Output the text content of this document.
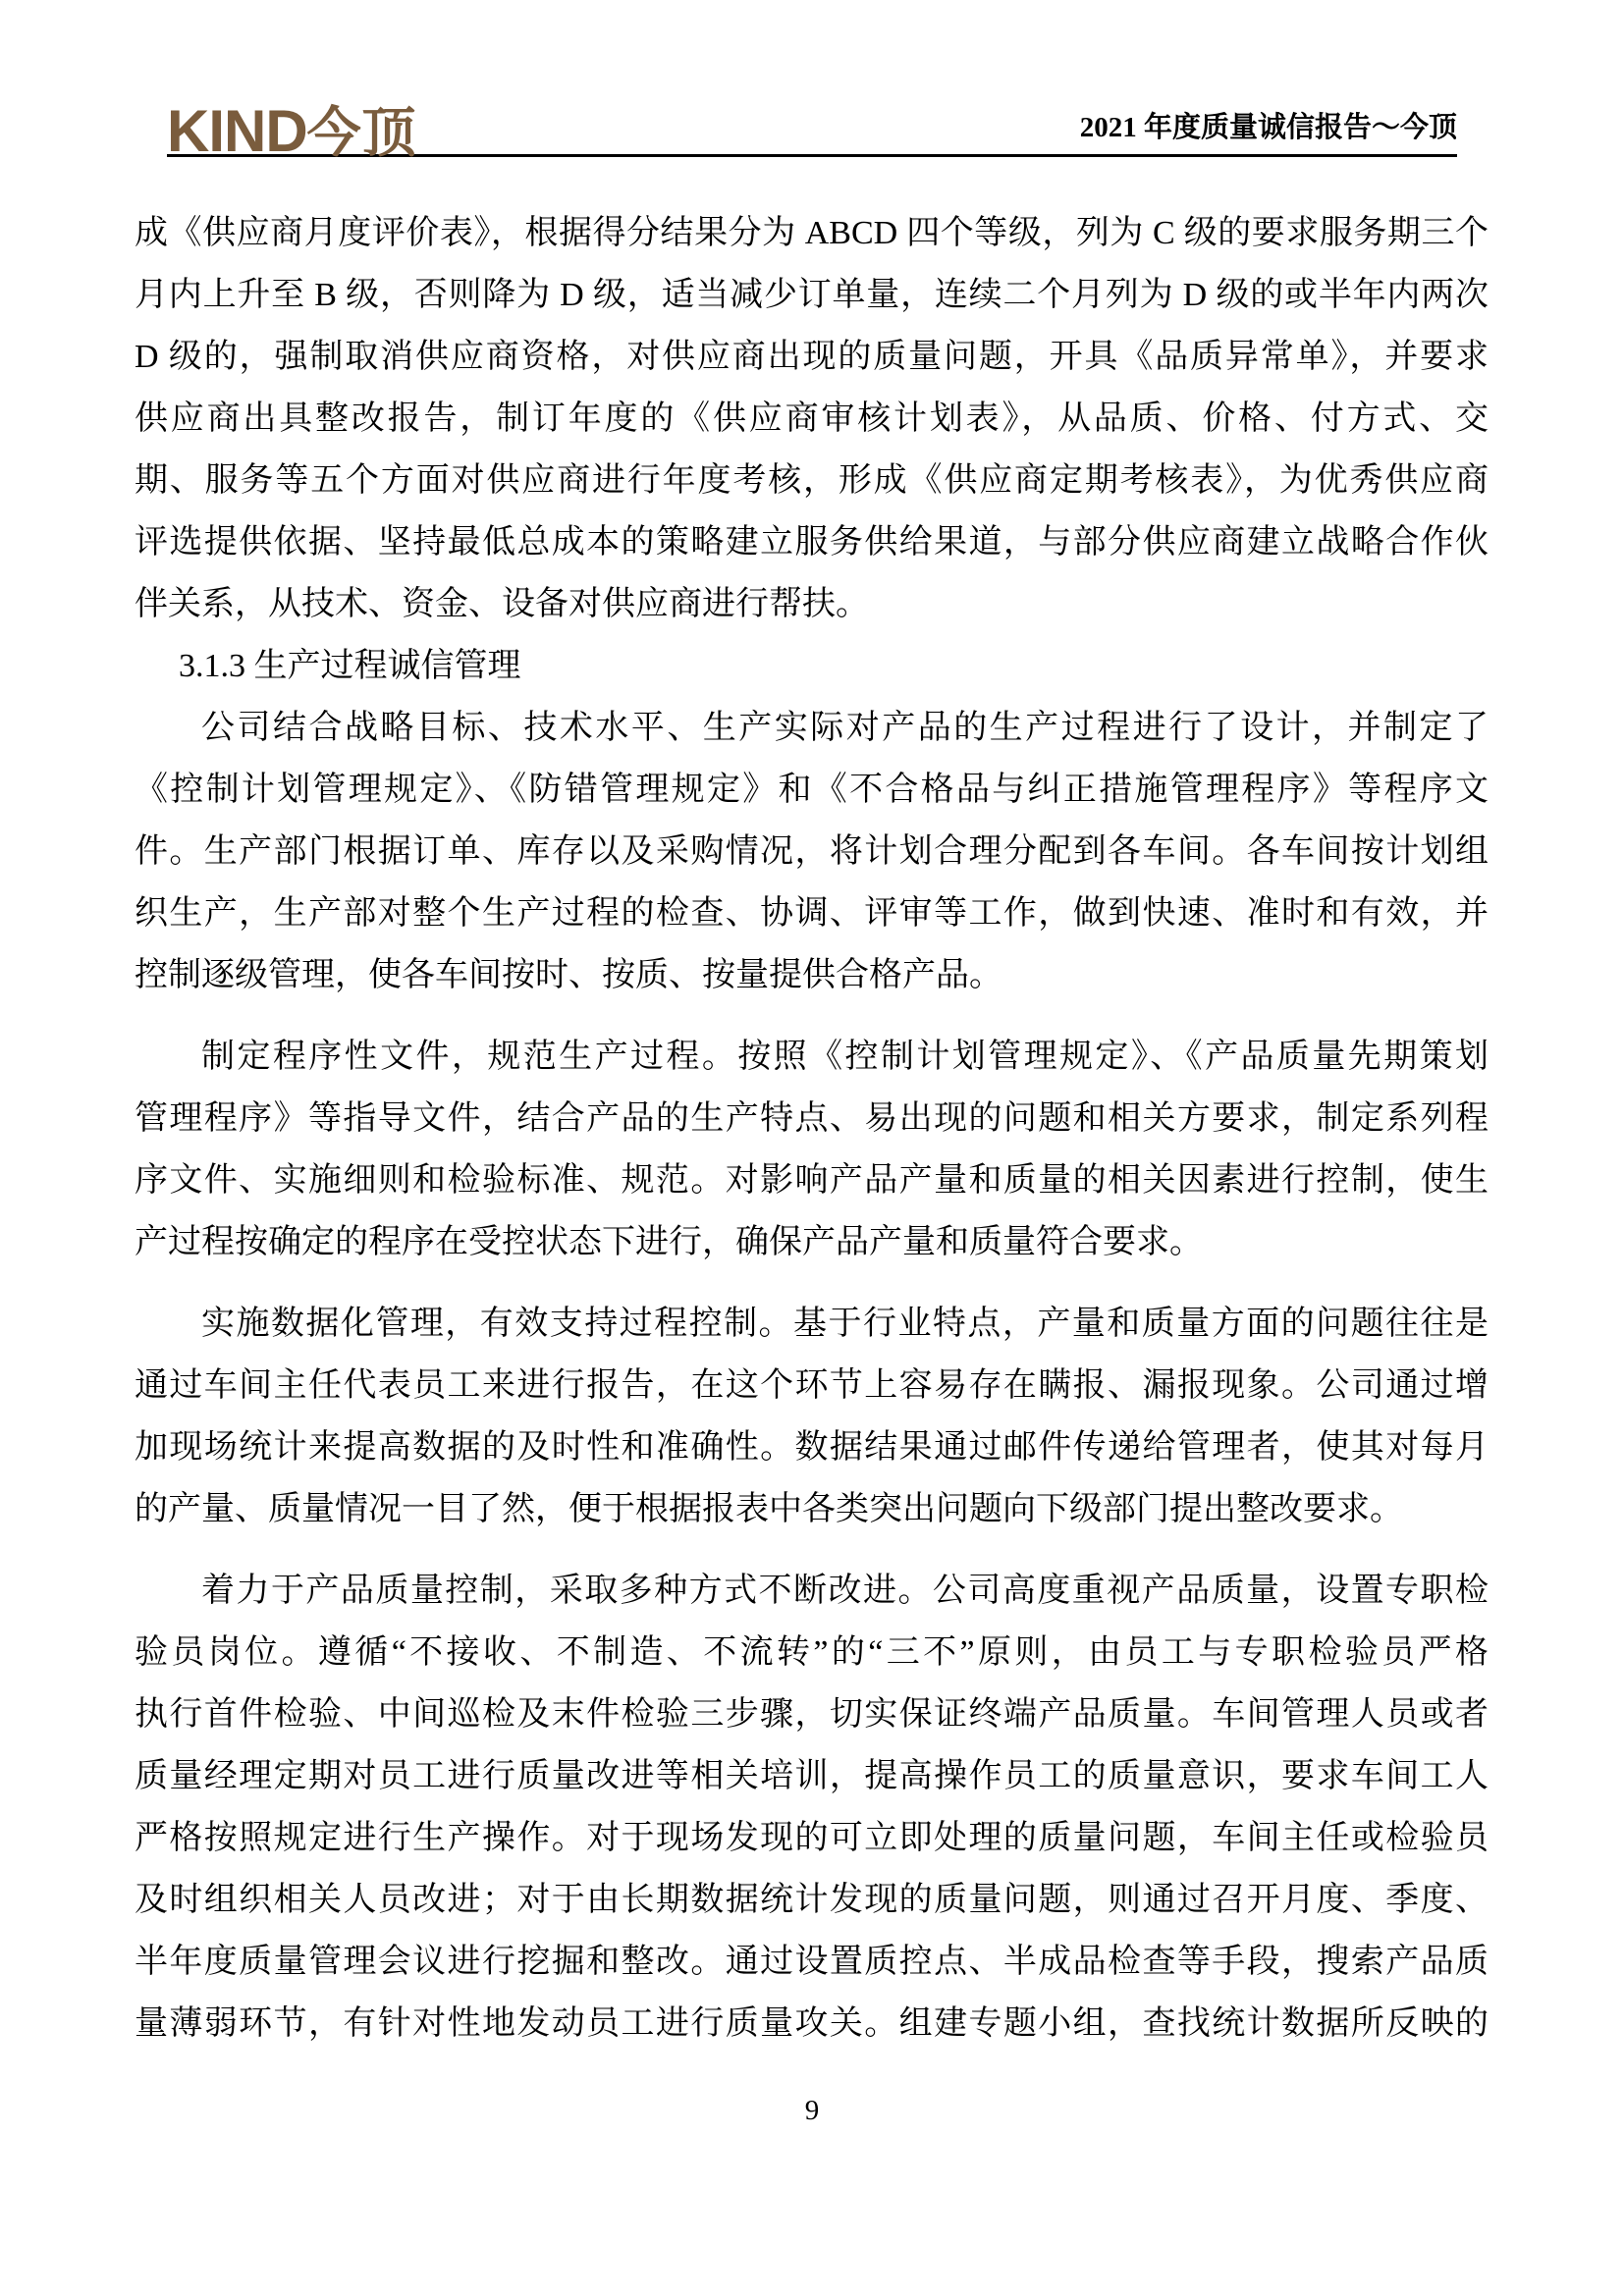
KIND今顶	2021 年度质量诚信报告～今顶
成《供应商月度评价表》，根据得分结果分为 ABCD 四个等级，列为 C 级的要求服务期三个
月内上升至 B 级，否则降为 D 级，适当减少订单量，连续二个月列为 D 级的或半年内两次
D 级的，强制取消供应商资格，对供应商出现的质量问题，开具《品质异常单》，并要求
供应商出具整改报告，制订年度的《供应商审核计划表》，从品质、价格、付方式、交
期、服务等五个方面对供应商进行年度考核，形成《供应商定期考核表》，为优秀供应商
评选提供依据、坚持最低总成本的策略建立服务供给果道，与部分供应商建立战略合作伙
伴关系，从技术、资金、设备对供应商进行帮扶。
3.1.3 生产过程诚信管理
公司结合战略目标、技术水平、生产实际对产品的生产过程进行了设计，并制定了
《控制计划管理规定》、《防错管理规定》和《不合格品与纠正措施管理程序》等程序文
件。生产部门根据订单、库存以及采购情况，将计划合理分配到各车间。各车间按计划组
织生产，生产部对整个生产过程的检查、协调、评审等工作，做到快速、准时和有效，并
控制逐级管理，使各车间按时、按质、按量提供合格产品。
制定程序性文件，规范生产过程。按照《控制计划管理规定》、《产品质量先期策划
管理程序》等指导文件，结合产品的生产特点、易出现的问题和相关方要求，制定系列程
序文件、实施细则和检验标准、规范。对影响产品产量和质量的相关因素进行控制，使生
产过程按确定的程序在受控状态下进行，确保产品产量和质量符合要求。
实施数据化管理，有效支持过程控制。基于行业特点，产量和质量方面的问题往往是
通过车间主任代表员工来进行报告，在这个环节上容易存在瞒报、漏报现象。公司通过增
加现场统计来提高数据的及时性和准确性。数据结果通过邮件传递给管理者，使其对每月
的产量、质量情况一目了然，便于根据报表中各类突出问题向下级部门提出整改要求。
着力于产品质量控制，采取多种方式不断改进。公司高度重视产品质量，设置专职检
验员岗位。遵循“不接收、不制造、不流转”的“三不”原则，由员工与专职检验员严格
执行首件检验、中间巡检及末件检验三步骤，切实保证终端产品质量。车间管理人员或者
质量经理定期对员工进行质量改进等相关培训，提高操作员工的质量意识，要求车间工人
严格按照规定进行生产操作。对于现场发现的可立即处理的质量问题，车间主任或检验员
及时组织相关人员改进；对于由长期数据统计发现的质量问题，则通过召开月度、季度、
半年度质量管理会议进行挖掘和整改。通过设置质控点、半成品检查等手段，搜索产品质
量薄弱环节，有针对性地发动员工进行质量攻关。组建专题小组，查找统计数据所反映的
9
